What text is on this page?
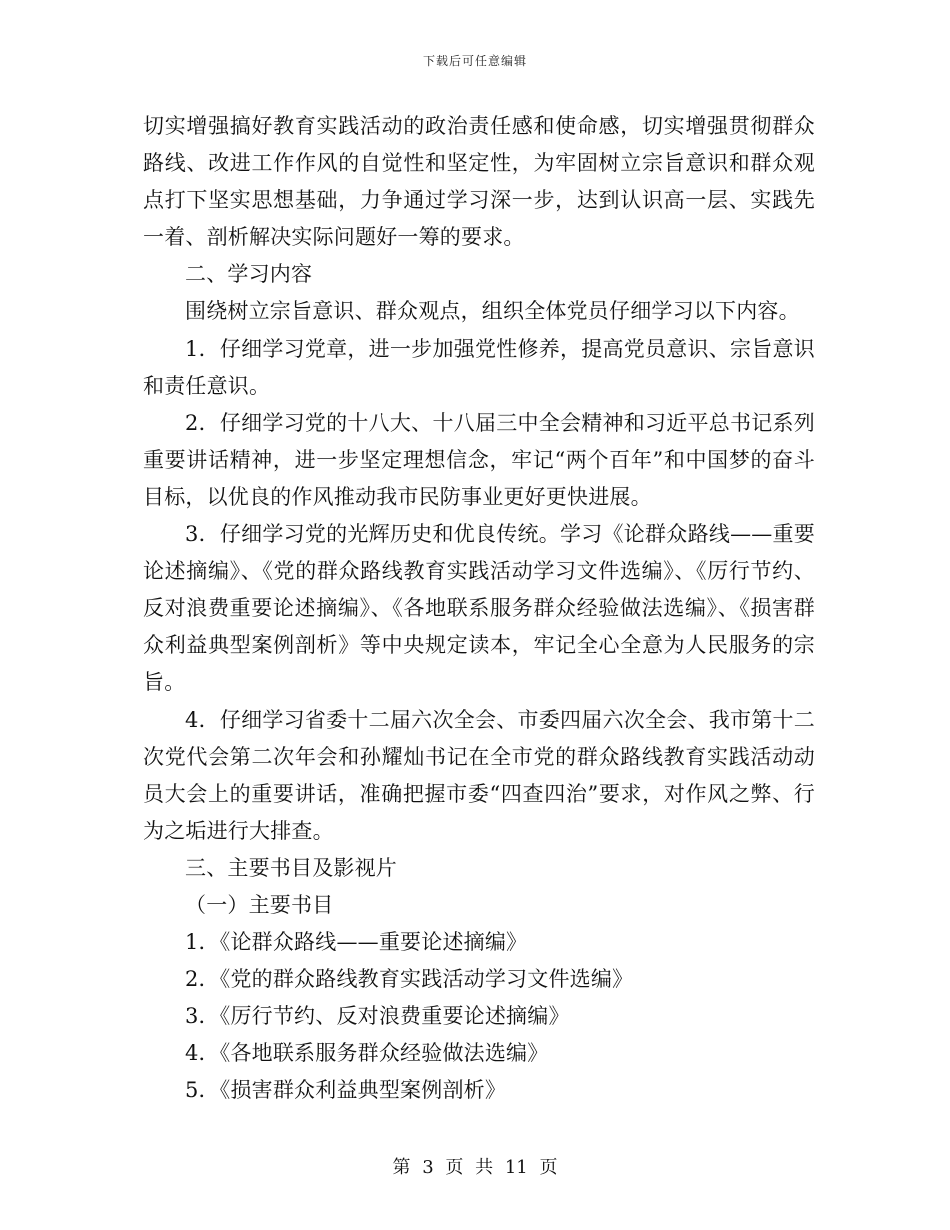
下载后可任意编辑

切实增强搞好教育实践活动的政治责任感和使命感，切实增强贯彻群众路线、改进工作作风的自觉性和坚定性，为牢固树立宗旨意识和群众观点打下坚实思想基础，力争通过学习深一步，达到认识高一层、实践先一着、剖析解决实际问题好一筹的要求。

二、学习内容

围绕树立宗旨意识、群众观点，组织全体党员仔细学习以下内容。

1．仔细学习党章，进一步加强党性修养，提高党员意识、宗旨意识和责任意识。

2．仔细学习党的十八大、十八届三中全会精神和习近平总书记系列重要讲话精神，进一步坚定理想信念，牢记“两个百年”和中国梦的奋斗目标，以优良的作风推动我市民防事业更好更快进展。

3．仔细学习党的光辉历史和优良传统。学习《论群众路线——重要论述摘编》、《党的群众路线教育实践活动学习文件选编》、《厉行节约、反对浪费重要论述摘编》、《各地联系服务群众经验做法选编》、《损害群众利益典型案例剖析》等中央规定读本，牢记全心全意为人民服务的宗旨。

4．仔细学习省委十二届六次全会、市委四届六次全会、我市第十二次党代会第二次年会和孙耀灿书记在全市党的群众路线教育实践活动动员大会上的重要讲话，准确把握市委“四查四治”要求，对作风之弊、行为之垢进行大排查。

三、主要书目及影视片

（一）主要书目

1．《论群众路线——重要论述摘编》

2．《党的群众路线教育实践活动学习文件选编》

3．《厉行节约、反对浪费重要论述摘编》

4．《各地联系服务群众经验做法选编》

5．《损害群众利益典型案例剖析》

第 3 页 共 11 页
